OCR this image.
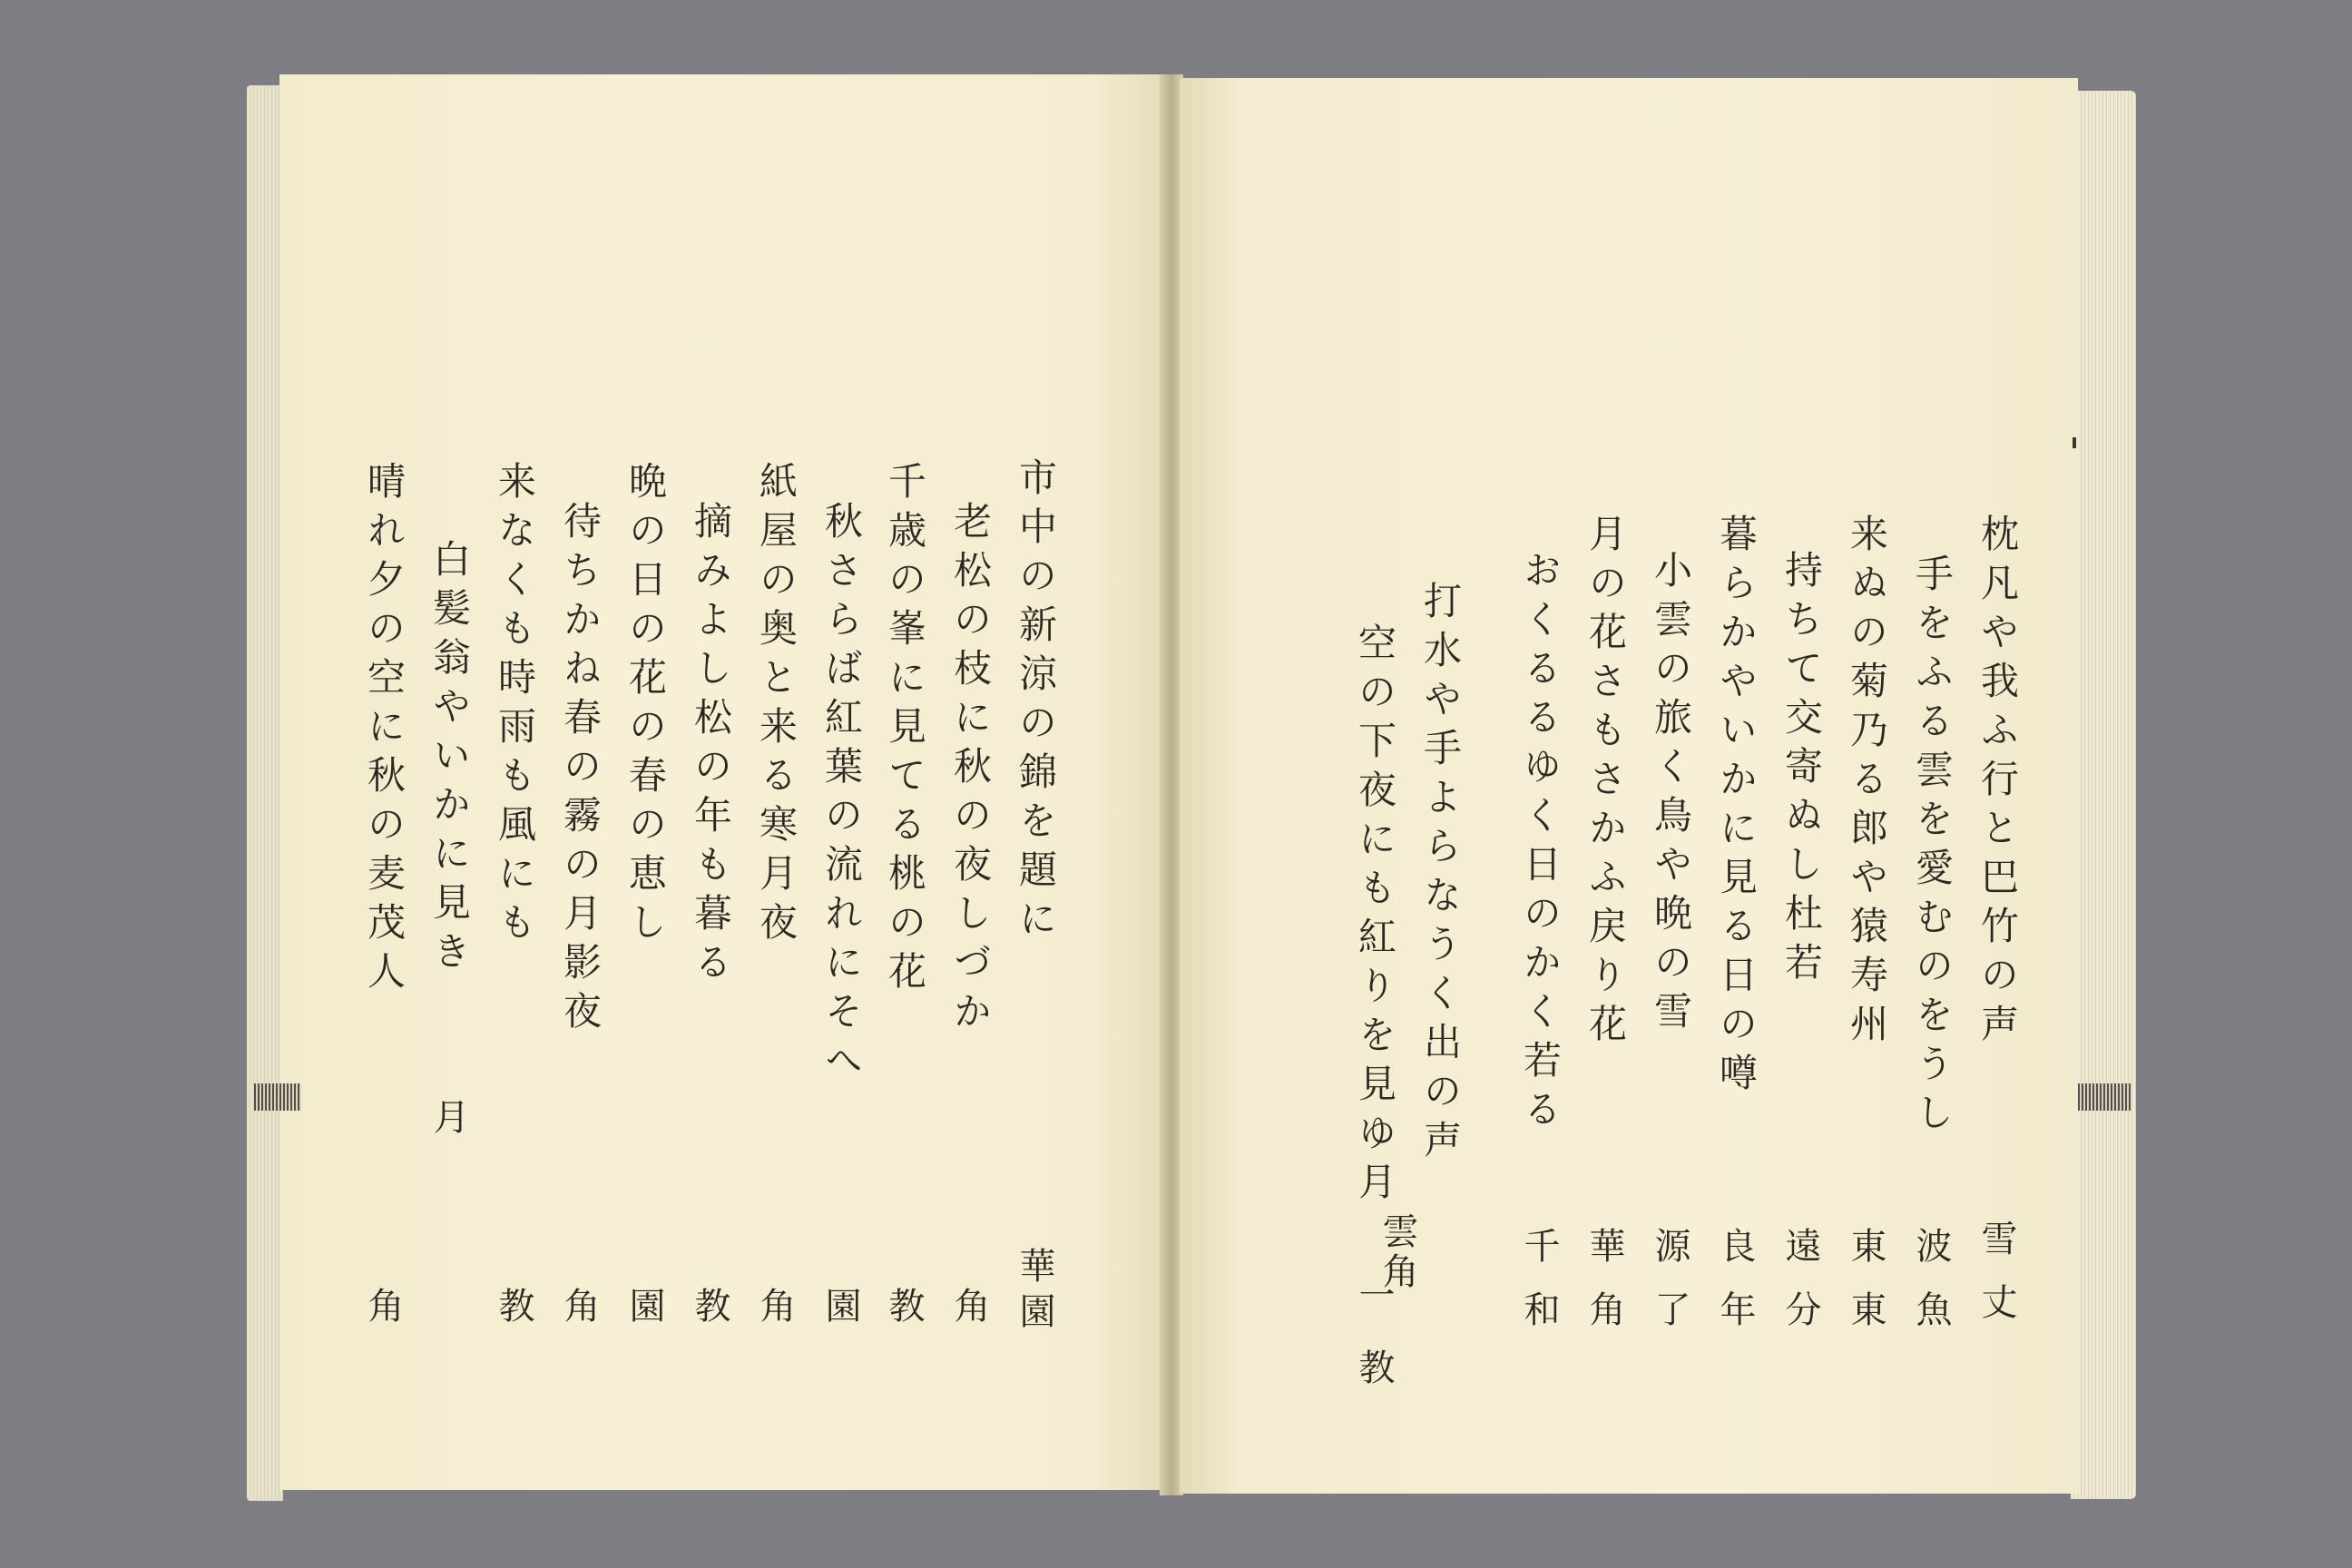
市中の新涼の錦を題に
華園
老松の枝に秋の夜しづか
角
千歳の峯に見てる桃の花
教
秋さらば紅葉の流れにそへ
園
紙屋の奥と来る寒月夜
角
摘みよし松の年も暮る
教
晩の日の花の春の恵し
園
待ちかね春の霧の月影夜
角
来なくも時雨も風にも
教
白髪翁やいかに見き
月
晴れ夕の空に秋の麦茂人
角
枕凡や我ふ行と巴竹の声
雪丈
手をふる雲を愛むのをうし
波魚
来ぬの菊乃る郎や猿寿州
東東
持ちて交寄ぬし杜若
遠分
暮らかやいかに見る日の噂
良年
小雲の旅く鳥や晩の雪
源了
月の花さもさかふ戻り花
華角
おくるるゆく日のかく若る
千和
打水や手よらなうく出の声
雲角
空の下夜にも紅りを見ゆ月
一教
